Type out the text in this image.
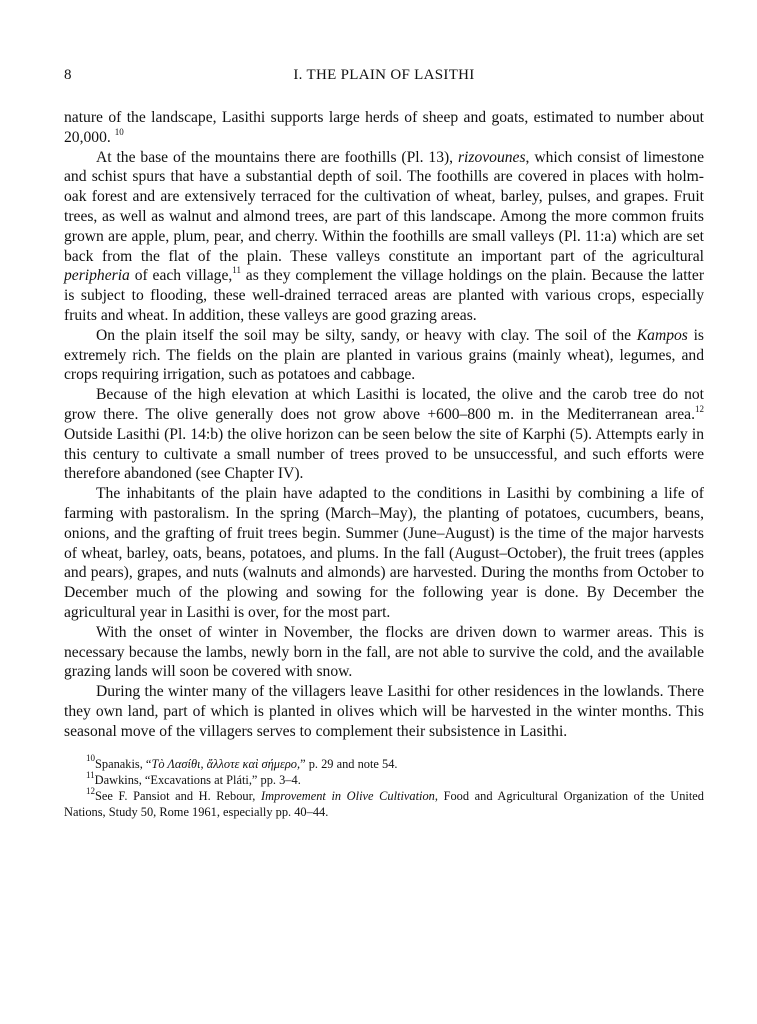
8	I. THE PLAIN OF LASITHI

nature of the landscape, Lasithi supports large herds of sheep and goats, estimated to number about 20,000. $^{10}$

At the base of the mountains there are foothills (Pl. 13), rizovounes, which consist of limestone and schist spurs that have a substantial depth of soil. The foothills are covered in places with holm-oak forest and are extensively terraced for the cultivation of wheat, barley, pulses, and grapes. Fruit trees, as well as walnut and almond trees, are part of this landscape. Among the more common fruits grown are apple, plum, pear, and cherry. Within the foothills are small valleys (Pl. 11:a) which are set back from the flat of the plain. These valleys constitute an important part of the agricultural peripheria of each village,$^{11}$ as they complement the village holdings on the plain. Because the latter is subject to flooding, these well-drained terraced areas are planted with various crops, especially fruits and wheat. In addition, these valleys are good grazing areas.

On the plain itself the soil may be silty, sandy, or heavy with clay. The soil of the Kampos is extremely rich. The fields on the plain are planted in various grains (mainly wheat), legumes, and crops requiring irrigation, such as potatoes and cabbage.

Because of the high elevation at which Lasithi is located, the olive and the carob tree do not grow there. The olive generally does not grow above +600–800 m. in the Mediterranean area.$^{12}$ Outside Lasithi (Pl. 14:b) the olive horizon can be seen below the site of Karphi (5). Attempts early in this century to cultivate a small number of trees proved to be unsuccessful, and such efforts were therefore abandoned (see Chapter IV).

The inhabitants of the plain have adapted to the conditions in Lasithi by combining a life of farming with pastoralism. In the spring (March–May), the planting of potatoes, cucumbers, beans, onions, and the grafting of fruit trees begin. Summer (June–August) is the time of the major harvests of wheat, barley, oats, beans, potatoes, and plums. In the fall (August–October), the fruit trees (apples and pears), grapes, and nuts (walnuts and almonds) are harvested. During the months from October to December much of the plowing and sowing for the following year is done. By December the agricultural year in Lasithi is over, for the most part.

With the onset of winter in November, the flocks are driven down to warmer areas. This is necessary because the lambs, newly born in the fall, are not able to survive the cold, and the available grazing lands will soon be covered with snow.

During the winter many of the villagers leave Lasithi for other residences in the lowlands. There they own land, part of which is planted in olives which will be harvested in the winter months. This seasonal move of the villagers serves to complement their subsistence in Lasithi.

$^{10}$Spanakis, “Τὸ Λασίθι, ἄλλοτε καὶ σήμερο,” p. 29 and note 54.

$^{11}$Dawkins, “Excavations at Pláti,” pp. 3–4.

$^{12}$See F. Pansiot and H. Rebour, Improvement in Olive Cultivation, Food and Agricultural Organization of the United Nations, Study 50, Rome 1961, especially pp. 40–44.
